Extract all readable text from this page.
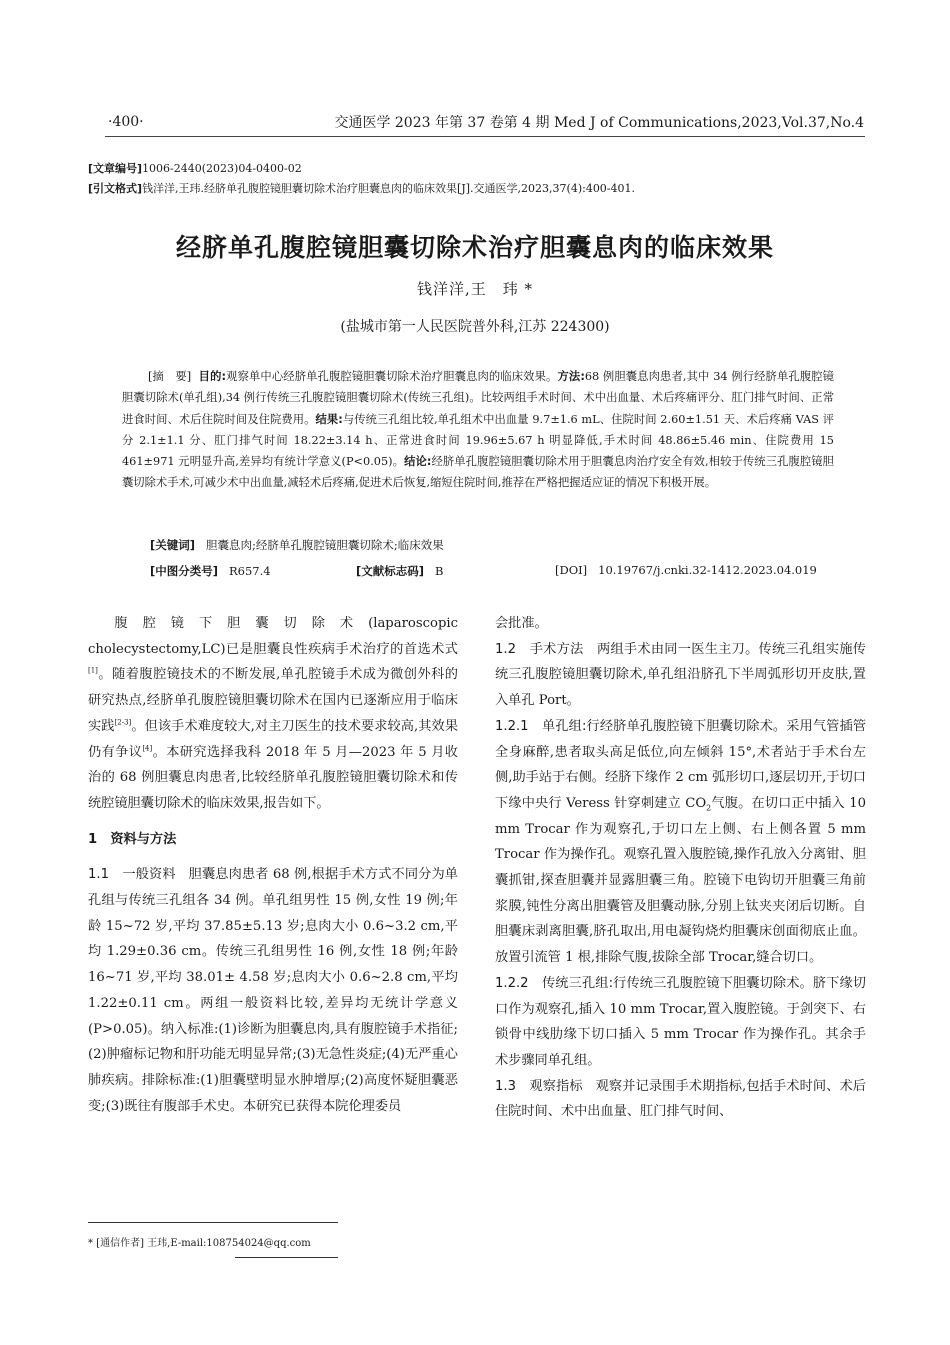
·400·	交通医学 2023 年第 37 卷第 4 期 Med J of Communications,2023,Vol.37,No.4
[文章编号]1006-2440(2023)04-0400-02
[引文格式]钱洋洋,王玮.经脐单孔腹腔镜胆囊切除术治疗胆囊息肉的临床效果[J].交通医学,2023,37(4):400-401.
经脐单孔腹腔镜胆囊切除术治疗胆囊息肉的临床效果
钱洋洋,王　玮 *
(盐城市第一人民医院普外科,江苏 224300)
[摘　要] 目的:观察单中心经脐单孔腹腔镜胆囊切除术治疗胆囊息肉的临床效果。方法:68 例胆囊息肉患者,其中 34 例行经脐单孔腹腔镜胆囊切除术(单孔组),34 例行传统三孔腹腔镜胆囊切除术(传统三孔组)。比较两组手术时间、术中出血量、术后疼痛评分、肛门排气时间、正常进食时间、术后住院时间及住院费用。结果:与传统三孔组比较,单孔组术中出血量 9.7±1.6 mL、住院时间 2.60±1.51 天、术后疼痛 VAS 评分 2.1±1.1 分、肛门排气时间 18.22±3.14 h、正常进食时间 19.96±5.67 h 明显降低,手术时间 48.86±5.46 min、住院费用 15 461±971 元明显升高,差异均有统计学意义(P<0.05)。结论:经脐单孔腹腔镜胆囊切除术用于胆囊息肉治疗安全有效,相较于传统三孔腹腔镜胆囊切除术手术,可减少术中出血量,减轻术后疼痛,促进术后恢复,缩短住院时间,推荐在严格把握适应证的情况下积极开展。
[关键词] 胆囊息肉;经脐单孔腹腔镜胆囊切除术;临床效果
[中图分类号] R657.4	[文献标志码] B	[DOI] 10.19767/j.cnki.32-1412.2023.04.019

腹腔镜下胆囊切除术(laparoscopic cholecystectomy,LC)已是胆囊良性疾病手术治疗的首选术式[1]。随着腹腔镜技术的不断发展,单孔腔镜手术成为微创外科的研究热点,经脐单孔腹腔镜胆囊切除术在国内已逐渐应用于临床实践[2-3]。但该手术难度较大,对主刀医生的技术要求较高,其效果仍有争议[4]。本研究选择我科 2018 年 5 月—2023 年 5 月收治的 68 例胆囊息肉患者,比较经脐单孔腹腔镜胆囊切除术和传统腔镜胆囊切除术的临床效果,报告如下。

1　资料与方法

1.1　一般资料 胆囊息肉患者 68 例,根据手术方式不同分为单孔组与传统三孔组各 34 例。单孔组男性 15 例,女性 19 例;年龄 15~72 岁,平均 37.85±5.13 岁;息肉大小 0.6~3.2 cm,平均 1.29±0.36 cm。传统三孔组男性 16 例,女性 18 例;年龄 16~71 岁,平均 38.01± 4.58 岁;息肉大小 0.6~2.8 cm,平均 1.22±0.11 cm。两组一般资料比较,差异均无统计学意义(P>0.05)。纳入标准:(1)诊断为胆囊息肉,具有腹腔镜手术指征;(2)肿瘤标记物和肝功能无明显异常;(3)无急性炎症;(4)无严重心肺疾病。排除标准:(1)胆囊壁明显水肿增厚;(2)高度怀疑胆囊恶变;(3)既往有腹部手术史。本研究已获得本院伦理委员

会批准。

1.2　手术方法 两组手术由同一医生主刀。传统三孔组实施传统三孔腹腔镜胆囊切除术,单孔组沿脐孔下半周弧形切开皮肤,置入单孔 Port。

1.2.1　单孔组:行经脐单孔腹腔镜下胆囊切除术。采用气管插管全身麻醉,患者取头高足低位,向左倾斜 15°,术者站于手术台左侧,助手站于右侧。经脐下缘作 2 cm 弧形切口,逐层切开,于切口下缘中央行 Veress 针穿刺建立 $CO_2$气腹。在切口正中插入 10 mm Trocar 作为观察孔,于切口左上侧、右上侧各置 5 mm Trocar 作为操作孔。观察孔置入腹腔镜,操作孔放入分离钳、胆囊抓钳,探查胆囊并显露胆囊三角。腔镜下电钩切开胆囊三角前浆膜,钝性分离出胆囊管及胆囊动脉,分别上钛夹夹闭后切断。自胆囊床剥离胆囊,脐孔取出,用电凝钩烧灼胆囊床创面彻底止血。放置引流管 1 根,排除气腹,拔除全部 Trocar,缝合切口。

1.2.2　传统三孔组:行传统三孔腹腔镜下胆囊切除术。脐下缘切口作为观察孔,插入 10 mm Trocar,置入腹腔镜。于剑突下、右锁骨中线肋缘下切口插入 5 mm Trocar 作为操作孔。其余手术步骤同单孔组。

1.3　观察指标 观察并记录围手术期指标,包括手术时间、术后住院时间、术中出血量、肛门排气时间、

* [通信作者] 王玮,E-mail:108754024@qq.com
